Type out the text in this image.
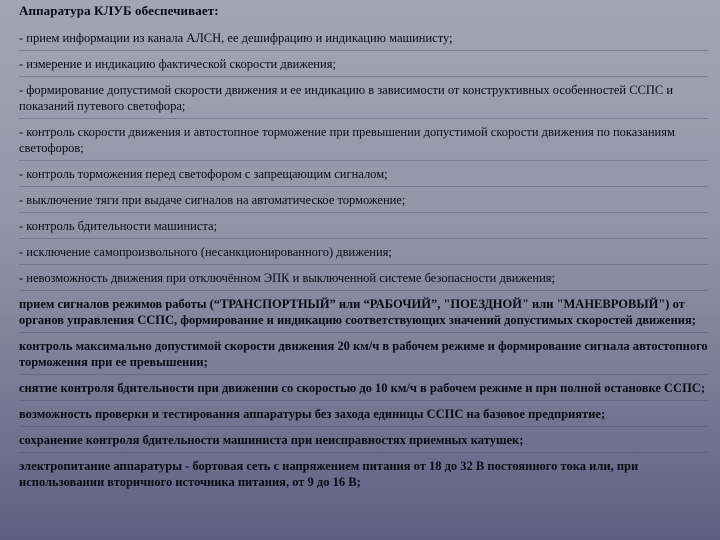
Аппаратура КЛУБ обеспечивает:
- прием информации из канала АЛСН, ее дешифрацию и индикацию машинисту;
- измерение и индикацию фактической скорости движения;
- формирование допустимой скорости движения и ее индикацию в зависимости от конструктивных особенностей ССПС и показаний путевого светофора;
- контроль скорости движения и автостопное торможение при превышении допустимой скорости движения по показаниям светофоров;
- контроль торможения перед светофором с запрещающим сигналом;
- выключение тяги при выдаче сигналов на автоматическое торможение;
- контроль бдительности машиниста;
- исключение самопроизвольного (несанкционированного) движения;
- невозможность движения при отключённом ЭПК и выключенной системе безопасности движения;
прием сигналов режимов работы (“ТРАНСПОРТНЫЙ” или “РАБОЧИЙ”, "ПОЕЗДНОЙ" или "МАНЕВРОВЫЙ") от органов управления ССПС, формирование и индикацию соответствующих значений допустимых скоростей движения;
контроль максимально допустимой скорости движения 20 км/ч в рабочем режиме и формирование сигнала автостопного торможения при ее превышении;
снятие контроля бдительности при движении со скоростью до 10 км/ч в рабочем режиме и при полной остановке ССПС;
возможность проверки и тестирования аппаратуры без захода единицы ССПС на базовое предприятие;
сохранение контроля бдительности машиниста при неисправностях приемных катушек;
электропитание аппаратуры - бортовая сеть с напряжением питания от 18 до 32 В постоянного тока или, при использовании вторичного источника питания, от 9 до 16 В;
